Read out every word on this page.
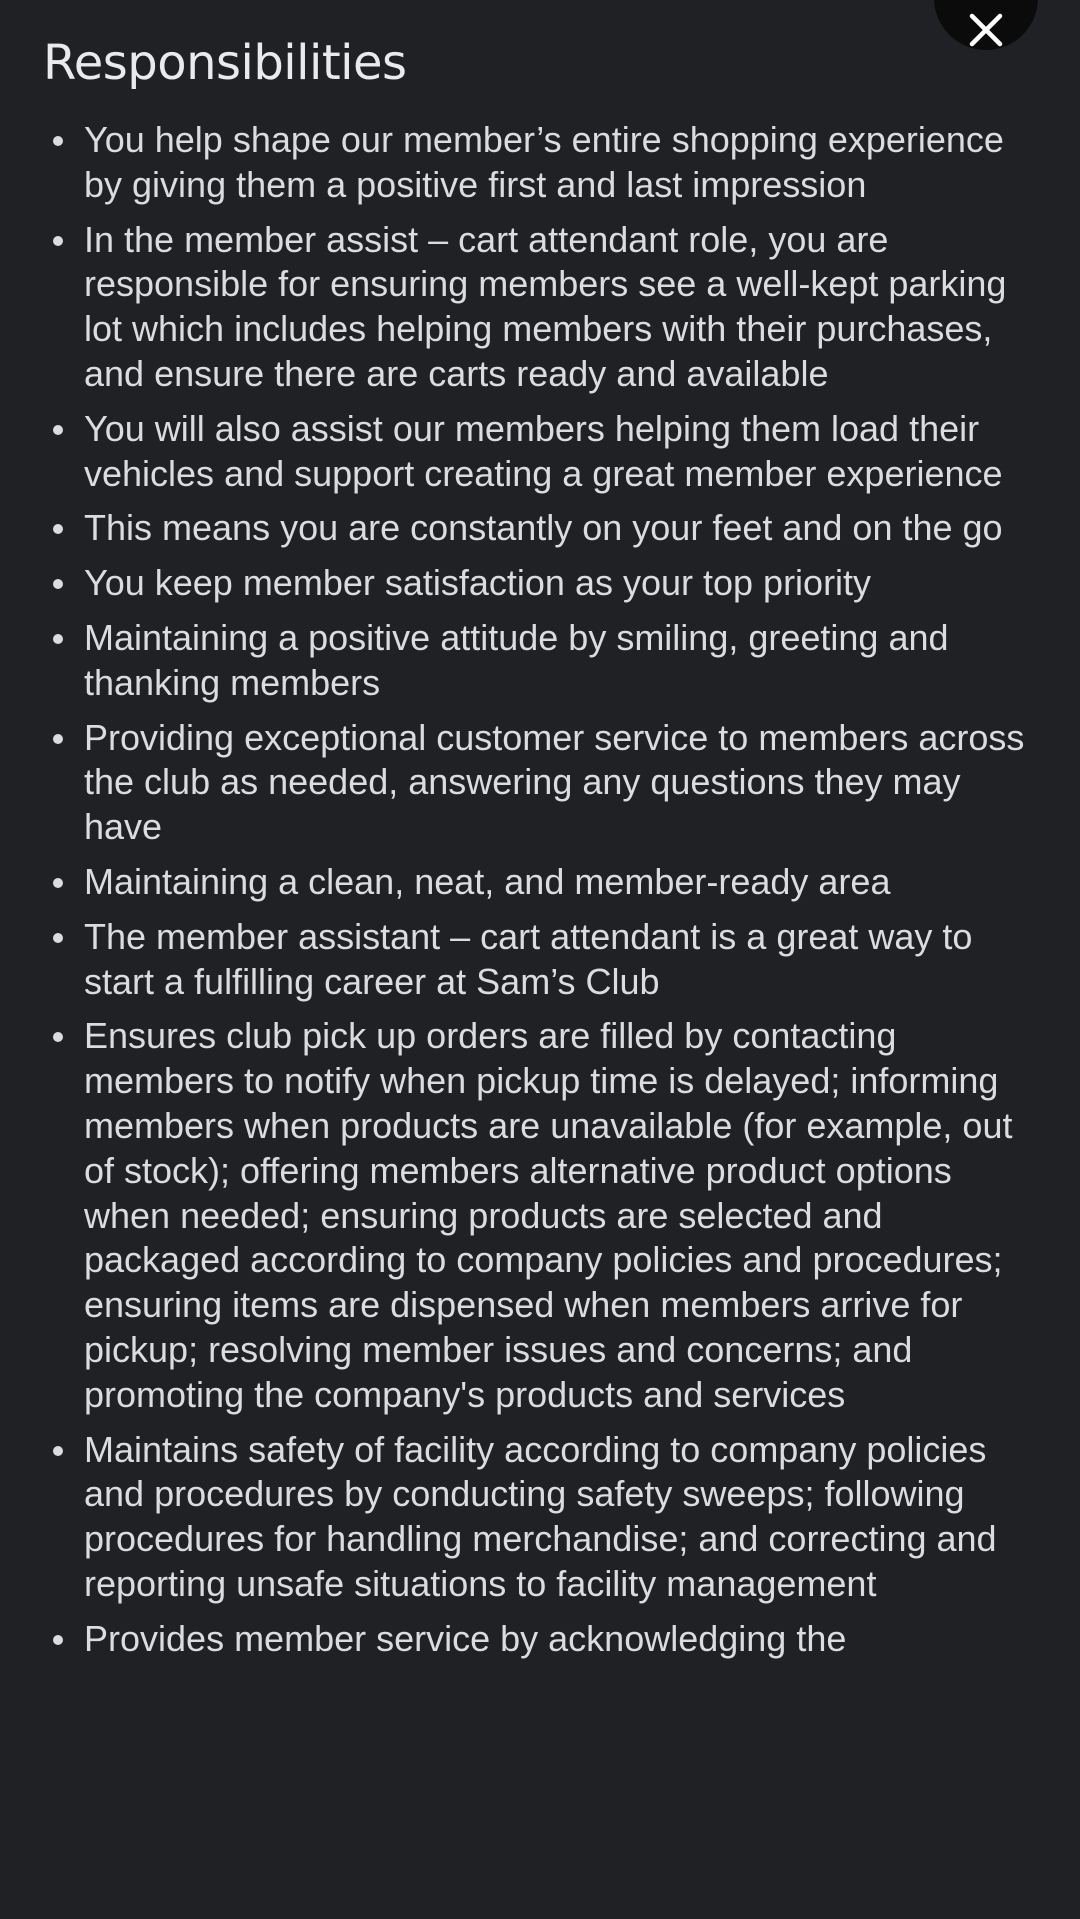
Responsibilities
You help shape our member’s entire shopping experience by giving them a positive first and last impression
In the member assist – cart attendant role, you are responsible for ensuring members see a well-kept parking lot which includes helping members with their purchases, and ensure there are carts ready and available
You will also assist our members helping them load their vehicles and support creating a great member experience
This means you are constantly on your feet and on the go
You keep member satisfaction as your top priority
Maintaining a positive attitude by smiling, greeting and thanking members
Providing exceptional customer service to members across the club as needed, answering any questions they may have
Maintaining a clean, neat, and member-ready area
The member assistant – cart attendant is a great way to start a fulfilling career at Sam’s Club
Ensures club pick up orders are filled by contacting members to notify when pickup time is delayed; informing members when products are unavailable (for example, out of stock); offering members alternative product options when needed; ensuring products are selected and packaged according to company policies and procedures; ensuring items are dispensed when members arrive for pickup; resolving member issues and concerns; and promoting the company's products and services
Maintains safety of facility according to company policies and procedures by conducting safety sweeps; following procedures for handling merchandise; and correcting and reporting unsafe situations to facility management
Provides member service by acknowledging the
